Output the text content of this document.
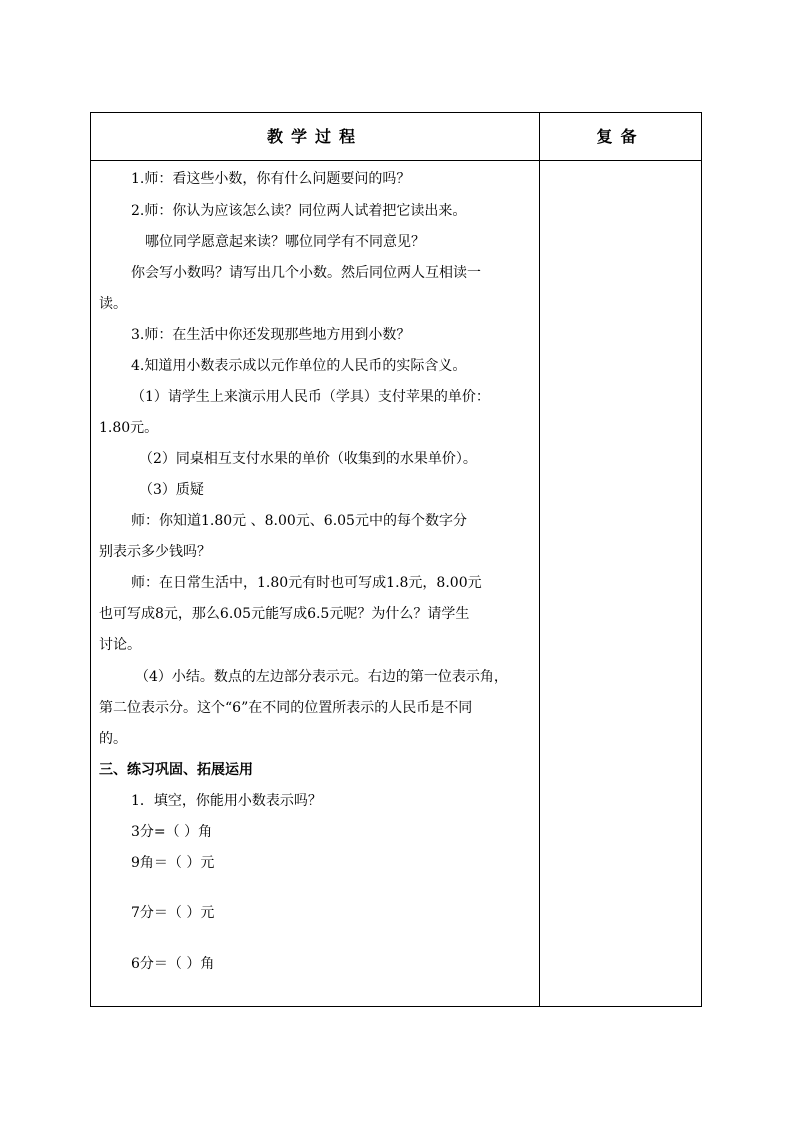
教学过程	复备
1.师：看这些小数，你有什么问题要问的吗？
2.师：你认为应该怎么读？同位两人试着把它读出来。
哪位同学愿意起来读？哪位同学有不同意见？
你会写小数吗？请写出几个小数。然后同位两人互相读一
读。
3.师：在生活中你还发现那些地方用到小数？
4.知道用小数表示成以元作单位的人民币的实际含义。
（1）请学生上来演示用人民币（学具）支付苹果的单价：
1.80元。
（2）同桌相互支付水果的单价（收集到的水果单价）。
（3）质疑
师：你知道1.80元 、8.00元、6.05元中的每个数字分
别表示多少钱吗？
师：在日常生活中，1.80元有时也可写成1.8元，8.00元
也可写成8元，那么6.05元能写成6.5元呢？为什么？请学生
讨论。
（4）小结。数点的左边部分表示元。右边的第一位表示角，
第二位表示分。这个“6”在不同的位置所表示的人民币是不同
的。
三、练习巩固、拓展运用
1．填空，你能用小数表示吗？
3分=（ ）角
9角＝（ ）元
7分＝（ ）元
6分＝（ ）角
